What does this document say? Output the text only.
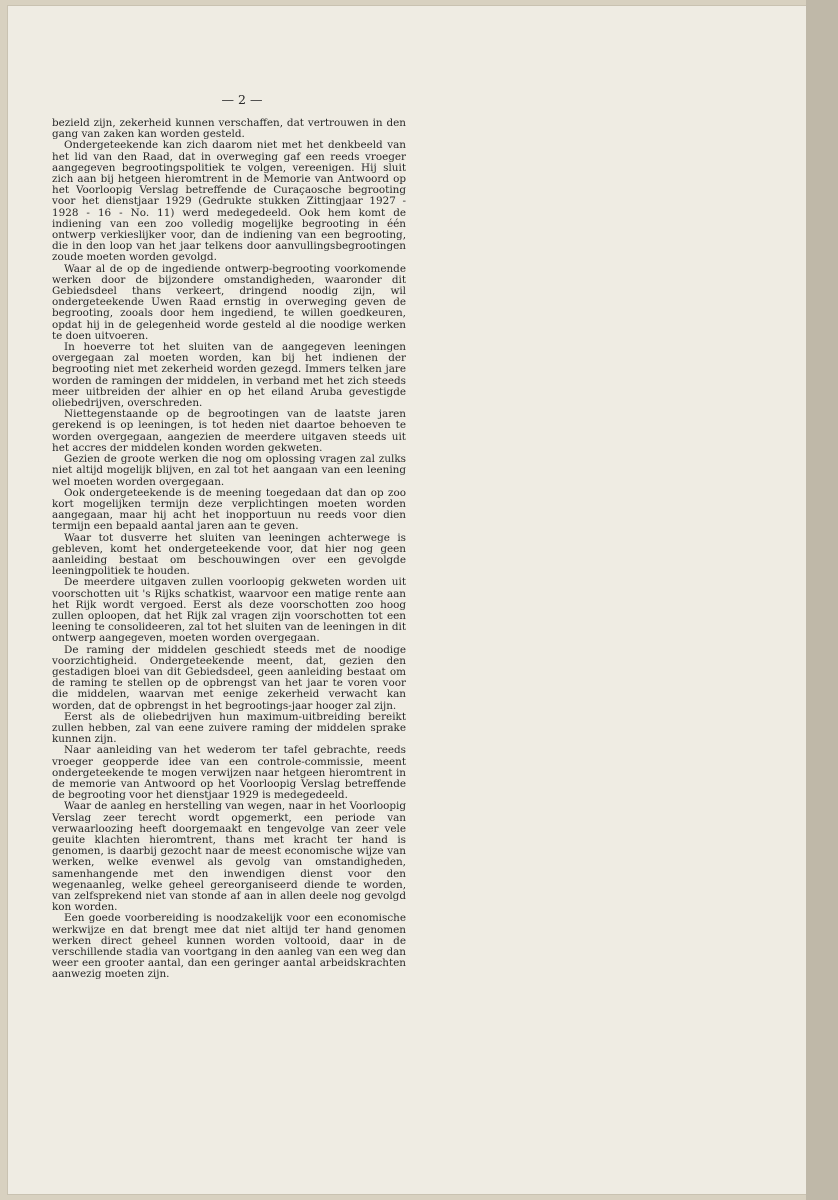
— 2 —

bezield zijn, zekerheid kunnen verschaffen, dat vertrouwen in den gang van zaken kan worden gesteld.

Ondergeteekende kan zich daarom niet met het denkbeeld van het lid van den Raad, dat in overweging gaf een reeds vroeger aangegeven begrootingspolitiek te volgen, vereenigen. Hij sluit zich aan bij hetgeen hieromtrent in de Memorie van Antwoord op het Voorloopig Verslag betreffende de Curaçaosche begrooting voor het dienstjaar 1929 (Gedrukte stukken Zittingjaar 1927 - 1928 - 16 - No. 11) werd medegedeeld. Ook hem komt de indiening van een zoo volledig mogelijke begrooting in één ontwerp verkieslijker voor, dan de indiening van een begrooting, die in den loop van het jaar telkens door aanvullingsbegrootingen zoude moeten worden gevolgd.

Waar al de op de ingediende ontwerp-begrooting voorkomende werken door de bijzondere omstandigheden, waaronder dit Gebiedsdeel thans verkeert, dringend noodig zijn, wil ondergeteekende Uwen Raad ernstig in overweging geven de begrooting, zooals door hem ingediend, te willen goedkeuren, opdat hij in de gelegenheid worde gesteld al die noodige werken te doen uitvoeren.

In hoeverre tot het sluiten van de aangegeven leeningen overgegaan zal moeten worden, kan bij het indienen der begrooting niet met zekerheid worden gezegd. Immers telken jare worden de ramingen der middelen, in verband met het zich steeds meer uitbreiden der alhier en op het eiland Aruba gevestigde oliebedrijven, overschreden.

Niettegenstaande op de begrootingen van de laatste jaren gerekend is op leeningen, is tot heden niet daartoe behoeven te worden overgegaan, aangezien de meerdere uitgaven steeds uit het accres der middelen konden worden gekweten.

Gezien de groote werken die nog om oplossing vragen zal zulks niet altijd mogelijk blijven, en zal tot het aangaan van een leening wel moeten worden overgegaan.

Ook ondergeteekende is de meening toegedaan dat dan op zoo kort mogelijken termijn deze verplichtingen moeten worden aangegaan, maar hij acht het inopportuun nu reeds voor dien termijn een bepaald aantal jaren aan te geven.

Waar tot dusverre het sluiten van leeningen achterwege is gebleven, komt het ondergeteekende voor, dat hier nog geen aanleiding bestaat om beschouwingen over een gevolgde leeningpolitiek te houden.

De meerdere uitgaven zullen voorloopig gekweten worden uit voorschotten uit 's Rijks schatkist, waarvoor een matige rente aan het Rijk wordt vergoed. Eerst als deze voorschotten zoo hoog zullen oploopen, dat het Rijk zal vragen zijn voorschotten tot een leening te consolideeren, zal tot het sluiten van de leeningen in dit ontwerp aangegeven, moeten worden overgegaan.

De raming der middelen geschiedt steeds met de noodige voorzichtigheid. Ondergeteekende meent, dat, gezien den gestadigen bloei van dit Gebiedsdeel, geen aanleiding bestaat om de raming te stellen op de opbrengst van het jaar te voren voor die middelen, waarvan met eenige zekerheid verwacht kan worden, dat de opbrengst in het begrootings-jaar hooger zal zijn.

Eerst als de oliebedrijven hun maximum-uitbreiding bereikt zullen hebben, zal van eene zuivere raming der middelen sprake kunnen zijn.

Naar aanleiding van het wederom ter tafel gebrachte, reeds vroeger geopperde idee van een controle-commissie, meent ondergeteekende te mogen verwijzen naar hetgeen hieromtrent in de memorie van Antwoord op het Voorloopig Verslag betreffende de begrooting voor het dienstjaar 1929 is medegedeeld.

Waar de aanleg en herstelling van wegen, naar in het Voorloopig Verslag zeer terecht wordt opgemerkt, een periode van verwaarloozing heeft doorgemaakt en tengevolge van zeer vele geuite klachten hieromtrent, thans met kracht ter hand is genomen, is daarbij gezocht naar de meest economische wijze van werken, welke evenwel als gevolg van omstandigheden, samenhangende met den inwendigen dienst voor den wegenaanleg, welke geheel gereorganiseerd diende te worden, van zelfsprekend niet van stonde af aan in allen deele nog gevolgd kon worden.

Een goede voorbereiding is noodzakelijk voor een economische werkwijze en dat brengt mee dat niet altijd ter hand genomen werken direct geheel kunnen worden voltooid, daar in de verschillende stadia van voortgang in den aanleg van een weg dan weer een grooter aantal, dan een geringer aantal arbeidskrachten aanwezig moeten zijn.
